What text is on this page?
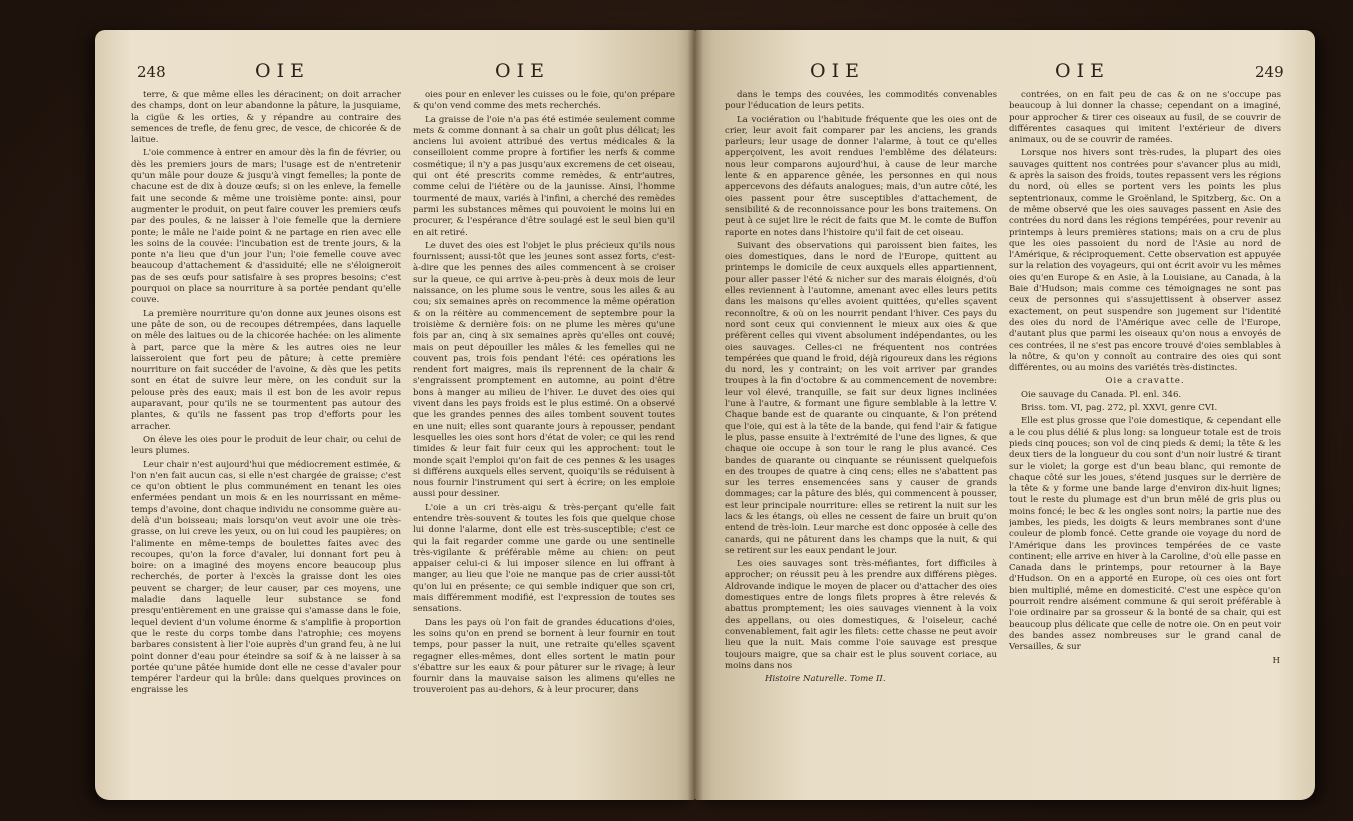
248	OIE	OIE

terre, & que même elles les déracinent; on doit arracher des champs, dont on leur abandonne la pâture, la jusquiame, la cigüe & les orties, & y répandre au contraire des semences de trefle, de fenu grec, de vesce, de chicorée & de laitue.

L'oie commence à entrer en amour dès la fin de février, ou dès les premiers jours de mars; l'usage est de n'entretenir qu'un mâle pour douze & jusqu'à vingt femelles; la ponte de chacune est de dix à douze œufs; si on les enleve, la femelle fait une seconde & même une troisième ponte: ainsi, pour augmenter le produit, on peut faire couver les premiers œufs par des poules, & ne laisser à l'oie femelle que la derniere ponte; le mâle ne l'aide point & ne partage en rien avec elle les soins de la couvée: l'incubation est de trente jours, & la ponte n'a lieu que d'un jour l'un; l'oie femelle couve avec beaucoup d'attachement & d'assiduité; elle ne s'éloigneroit pas de ses œufs pour satisfaire à ses propres besoins; c'est pourquoi on place sa nourriture à sa portée pendant qu'elle couve.

La première nourriture qu'on donne aux jeunes oisons est une pâte de son, ou de recoupes détrempées, dans laquelle on mêle des laitues ou de la chicorée hachée: on les alimente à part, parce que la mère & les autres oies ne leur laisseroient que fort peu de pâture; à cette première nourriture on fait succéder de l'avoine, & dès que les petits sont en état de suivre leur mère, on les conduit sur la pelouse près des eaux; mais il est bon de les avoir repus auparavant, pour qu'ils ne se tourmentent pas autour des plantes, & qu'ils ne fassent pas trop d'efforts pour les arracher.

On éleve les oies pour le produit de leur chair, ou celui de leurs plumes.

Leur chair n'est aujourd'hui que médiocrement estimée, & l'on n'en fait aucun cas, si elle n'est chargée de graisse; c'est ce qu'on obtient le plus communément en tenant les oies enfermées pendant un mois & en les nourrissant en même-temps d'avoine, dont chaque individu ne consomme guère au-delà d'un boisseau; mais lorsqu'on veut avoir une oie très-grasse, on lui creve les yeux, ou on lui coud les paupières; on l'alimente en même-temps de boulettes faites avec des recoupes, qu'on la force d'avaler, lui donnant fort peu à boire: on a imaginé des moyens encore beaucoup plus recherchés, de porter à l'excès la graisse dont les oies peuvent se charger; de leur causer, par ces moyens, une maladie dans laquelle leur substance se fond presqu'entièrement en une graisse qui s'amasse dans le foie, lequel devient d'un volume énorme & s'amplifie à proportion que le reste du corps tombe dans l'atrophie; ces moyens barbares consistent à lier l'oie auprès d'un grand feu, à ne lui point donner d'eau pour éteindre sa soif & à ne laisser à sa portée qu'une pâtée humide dont elle ne cesse d'avaler pour tempérer l'ardeur qui la brûle: dans quelques provinces on engraisse les

oies pour en enlever les cuisses ou le foie, qu'on prépare & qu'on vend comme des mets recherchés.

La graisse de l'oie n'a pas été estimée seulement comme mets & comme donnant à sa chair un goût plus délicat; les anciens lui avoient attribué des vertus médicales & la conseilloient comme propre à fortifier les nerfs & comme cosmétique; il n'y a pas jusqu'aux excremens de cet oiseau, qui ont été prescrits comme remèdes, & entr'autres, comme celui de l'iétère ou de la jaunisse. Ainsi, l'homme tourmenté de maux, variés à l'infini, a cherché des remèdes parmi les substances mêmes qui pouvoient le moins lui en procurer, & l'espérance d'être soulagé est le seul bien qu'il en ait retiré.

Le duvet des oies est l'objet le plus précieux qu'ils nous fournissent; aussi-tôt que les jeunes sont assez forts, c'est-à-dire que les pennes des ailes commencent à se croiser sur la queue, ce qui arrive à-peu-près à deux mois de leur naissance, on les plume sous le ventre, sous les ailes & au cou; six semaines après on recommence la même opération & on la réitère au commencement de septembre pour la troisième & dernière fois: on ne plume les mères qu'une fois par an, cinq à six semaines après qu'elles ont couvé; mais on peut dépouiller les mâles & les femelles qui ne couvent pas, trois fois pendant l'été: ces opérations les rendent fort maigres, mais ils reprennent de la chair & s'engraissent promptement en automne, au point d'être bons à manger au milieu de l'hiver. Le duvet des oies qui vivent dans les pays froids est le plus estimé. On a observé que les grandes pennes des ailes tombent souvent toutes en une nuit; elles sont quarante jours à repousser, pendant lesquelles les oies sont hors d'état de voler; ce qui les rend timides & leur fait fuir ceux qui les approchent: tout le monde sçait l'emploi qu'on fait de ces pennes & les usages si différens auxquels elles servent, quoiqu'ils se réduisent à nous fournir l'instrument qui sert à écrire; on les emploie aussi pour dessiner.

L'oie a un cri très-aigu & très-perçant qu'elle fait entendre très-souvent & toutes les fois que quelque chose lui donne l'alarme, dont elle est très-susceptible; c'est ce qui la fait regarder comme une garde ou une sentinelle très-vigilante & préférable même au chien: on peut appaiser celui-ci & lui imposer silence en lui offrant à manger, au lieu que l'oie ne manque pas de crier aussi-tôt qu'on lui en présente; ce qui semble indiquer que son cri, mais différemment modifié, est l'expression de toutes ses sensations.

Dans les pays où l'on fait de grandes éducations d'oies, les soins qu'on en prend se bornent à leur fournir en tout temps, pour passer la nuit, une retraite qu'elles sçavent regagner elles-mêmes, dont elles sortent le matin pour s'ébattre sur les eaux & pour pâturer sur le rivage; à leur fournir dans la mauvaise saison les alimens qu'elles ne trouveroient pas au-dehors, & à leur procurer, dans

OIE	OIE	249

dans le temps des couvées, les commodités convenables pour l'éducation de leurs petits.

La vociération ou l'habitude fréquente que les oies ont de crier, leur avoit fait comparer par les anciens, les grands parleurs; leur usage de donner l'alarme, à tout ce qu'elles apperçoivent, les avoit rendues l'emblême des délateurs: nous leur comparons aujourd'hui, à cause de leur marche lente & en apparence gênée, les personnes en qui nous appercevons des défauts analogues; mais, d'un autre côté, les oies passent pour être susceptibles d'attachement, de sensibilité & de reconnoissance pour les bons traitemens. On peut à ce sujet lire le récit de faits que M. le comte de Buffon raporte en notes dans l'histoire qu'il fait de cet oiseau.

Suivant des observations qui paroissent bien faites, les oies domestiques, dans le nord de l'Europe, quittent au printemps le domicile de ceux auxquels elles appartiennent, pour aller passer l'été & nicher sur des marais éloignés, d'où elles reviennent à l'automne, amenant avec elles leurs petits dans les maisons qu'elles avoient quittées, qu'elles sçavent reconnoître, & où on les nourrit pendant l'hiver. Ces pays du nord sont ceux qui conviennent le mieux aux oies & que préfèrent celles qui vivent absolument indépendantes, ou les oies sauvages. Celles-ci ne fréquentent nos contrées tempérées que quand le froid, déjà rigoureux dans les régions du nord, les y contraint; on les voit arriver par grandes troupes à la fin d'octobre & au commencement de novembre: leur vol élevé, tranquille, se fait sur deux lignes inclinées l'une à l'autre, & formant une figure semblable à la lettre V. Chaque bande est de quarante ou cinquante, & l'on prétend que l'oie, qui est à la tête de la bande, qui fend l'air & fatigue le plus, passe ensuite à l'extrémité de l'une des lignes, & que chaque oie occupe à son tour le rang le plus avancé. Ces bandes de quarante ou cinquante se réunissent quelquefois en des troupes de quatre à cinq cens; elles ne s'abattent pas sur les terres ensemencées sans y causer de grands dommages; car la pâture des blés, qui commencent à pousser, est leur principale nourriture: elles se retirent la nuit sur les lacs & les étangs, où elles ne cessent de faire un bruit qu'on entend de très-loin. Leur marche est donc opposée à celle des canards, qui ne pâturent dans les champs que la nuit, & qui se retirent sur les eaux pendant le jour.

Les oies sauvages sont très-méfiantes, fort difficiles à approcher; on réussit peu à les prendre aux différens pièges. Aldrovande indique le moyen de placer ou d'attacher des oies domestiques entre de longs filets propres à être relevés & abattus promptement; les oies sauvages viennent à la voix des appellans, ou oies domestiques, & l'oiseleur, caché convenablement, fait agir les filets: cette chasse ne peut avoir lieu que la nuit. Mais comme l'oie sauvage est presque toujours maigre, que sa chair est le plus souvent coriace, au moins dans nos

Histoire Naturelle. Tome II.

contrées, on en fait peu de cas & on ne s'occupe pas beaucoup à lui donner la chasse; cependant on a imaginé, pour approcher & tirer ces oiseaux au fusil, de se couvrir de différentes casaques qui imitent l'extérieur de divers animaux, ou de se couvrir de ramées.

Lorsque nos hivers sont très-rudes, la plupart des oies sauvages quittent nos contrées pour s'avancer plus au midi, & après la saison des froids, toutes repassent vers les régions du nord, où elles se portent vers les points les plus septentrionaux, comme le Groënland, le Spitzberg, &c. On a de même observé que les oies sauvages passent en Asie des contrées du nord dans les régions tempérées, pour revenir au printemps à leurs premières stations; mais on a cru de plus que les oies passoient du nord de l'Asie au nord de l'Amérique, & réciproquement. Cette observation est appuyée sur la relation des voyageurs, qui ont écrit avoir vu les mêmes oies qu'en Europe & en Asie, à la Louisiane, au Canada, à la Baie d'Hudson; mais comme ces témoignages ne sont pas ceux de personnes qui s'assujettissent à observer assez exactement, on peut suspendre son jugement sur l'identité des oies du nord de l'Amérique avec celle de l'Europe, d'autant plus que parmi les oiseaux qu'on nous a envoyés de ces contrées, il ne s'est pas encore trouvé d'oies semblables à la nôtre, & qu'on y connoît au contraire des oies qui sont différentes, ou au moins des variétés très-distinctes.

Oie a cravatte.

Oie sauvage du Canada. Pl. enl. 346.

Briss. tom. VI, pag. 272, pl. XXVI, genre CVI.

Elle est plus grosse que l'oie domestique, & cependant elle a le cou plus délié & plus long: sa longueur totale est de trois pieds cinq pouces; son vol de cinq pieds & demi; la tête & les deux tiers de la longueur du cou sont d'un noir lustré & tirant sur le violet; la gorge est d'un beau blanc, qui remonte de chaque côté sur les joues, s'étend jusques sur le derrière de la tête & y forme une bande large d'environ dix-huit lignes; tout le reste du plumage est d'un brun mêlé de gris plus ou moins foncé; le bec & les ongles sont noirs; la partie nue des jambes, les pieds, les doigts & leurs membranes sont d'une couleur de plomb foncé. Cette grande oie voyage du nord de l'Amérique dans les provinces tempérées de ce vaste continent; elle arrive en hiver à la Caroline, d'où elle passe en Canada dans le printemps, pour retourner à la Baye d'Hudson. On en a apporté en Europe, où ces oies ont fort bien multiplié, même en domesticité. C'est une espèce qu'on pourroit rendre aisément commune & qui seroit préférable à l'oie ordinaire par sa grosseur & la bonté de sa chair, qui est beaucoup plus délicate que celle de notre oie. On en peut voir des bandes assez nombreuses sur le grand canal de Versailles, & sur

H
